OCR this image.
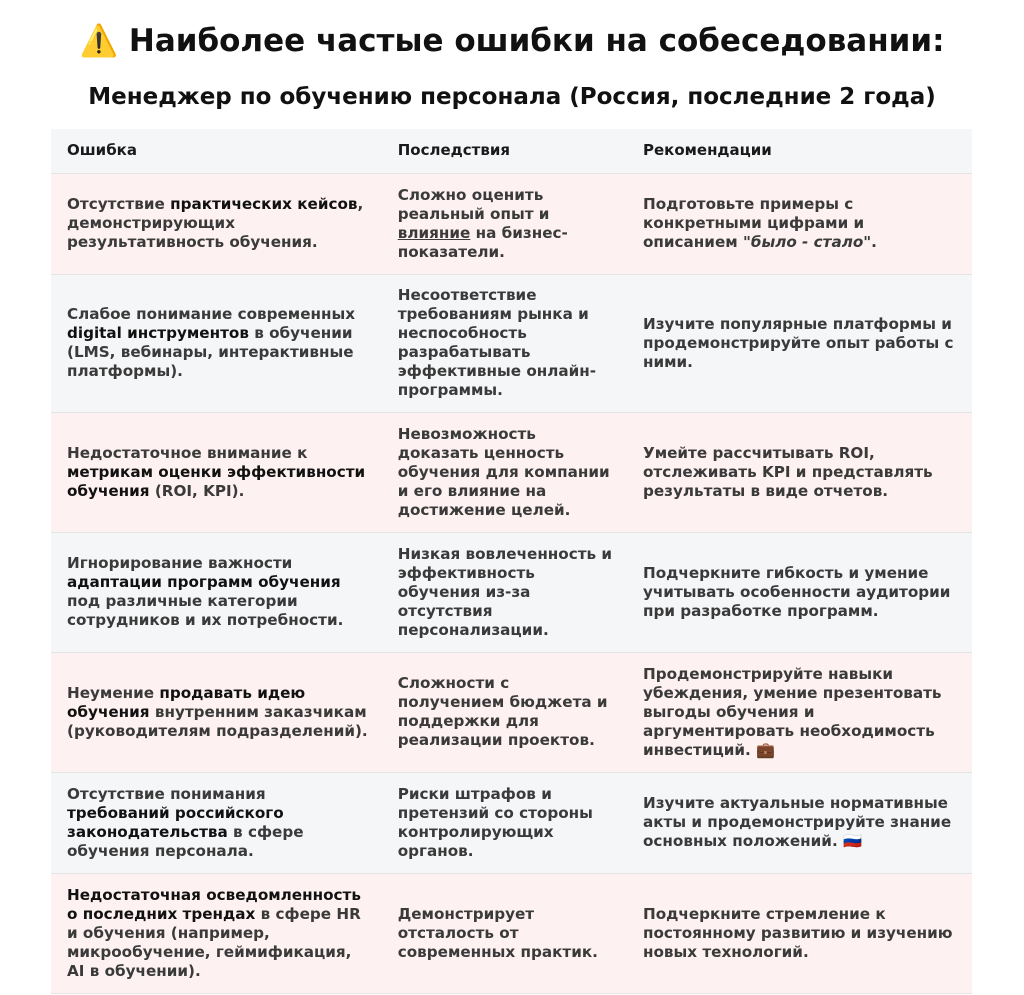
⚠️ Наиболее частые ошибки на собеседовании:
Менеджер по обучению персонала (Россия, последние 2 года)
Ошибка	Последствия	Рекомендации

Отсутствие практических кейсов, демонстрирующих результативность обучения.	Сложно оценить реальный опыт и влияние на бизнес-показатели.	Подготовьте примеры с конкретными цифрами и описанием "было - стало".

Слабое понимание современных digital инструментов в обучении (LMS, вебинары, интерактивные платформы).	Несоответствие требованиям рынка и неспособность разрабатывать эффективные онлайн-программы.	Изучите популярные платформы и продемонстрируйте опыт работы с ними.

Недостаточное внимание к метрикам оценки эффективности обучения (ROI, KPI).	Невозможность доказать ценность обучения для компании и его влияние на достижение целей.	Умейте рассчитывать ROI, отслеживать KPI и представлять результаты в виде отчетов.

Игнорирование важности адаптации программ обучения под различные категории сотрудников и их потребности.	Низкая вовлеченность и эффективность обучения из-за отсутствия персонализации.	Подчеркните гибкость и умение учитывать особенности аудитории при разработке программ.

Неумение продавать идею обучения внутренним заказчикам (руководителям подразделений).	Сложности с получением бюджета и поддержки для реализации проектов.	Продемонстрируйте навыки убеждения, умение презентовать выгоды обучения и аргументировать необходимость инвестиций. 💼

Отсутствие понимания требований российского законодательства в сфере обучения персонала.	Риски штрафов и претензий со стороны контролирующих органов.	Изучите актуальные нормативные акты и продемонстрируйте знание основных положений. 🇷🇺

Недостаточная осведомленность о последних трендах в сфере HR и обучения (например, микрообучение, геймификация, AI в обучении).	Демонстрирует отсталость от современных практик.	Подчеркните стремление к постоянному развитию и изучению новых технологий.
